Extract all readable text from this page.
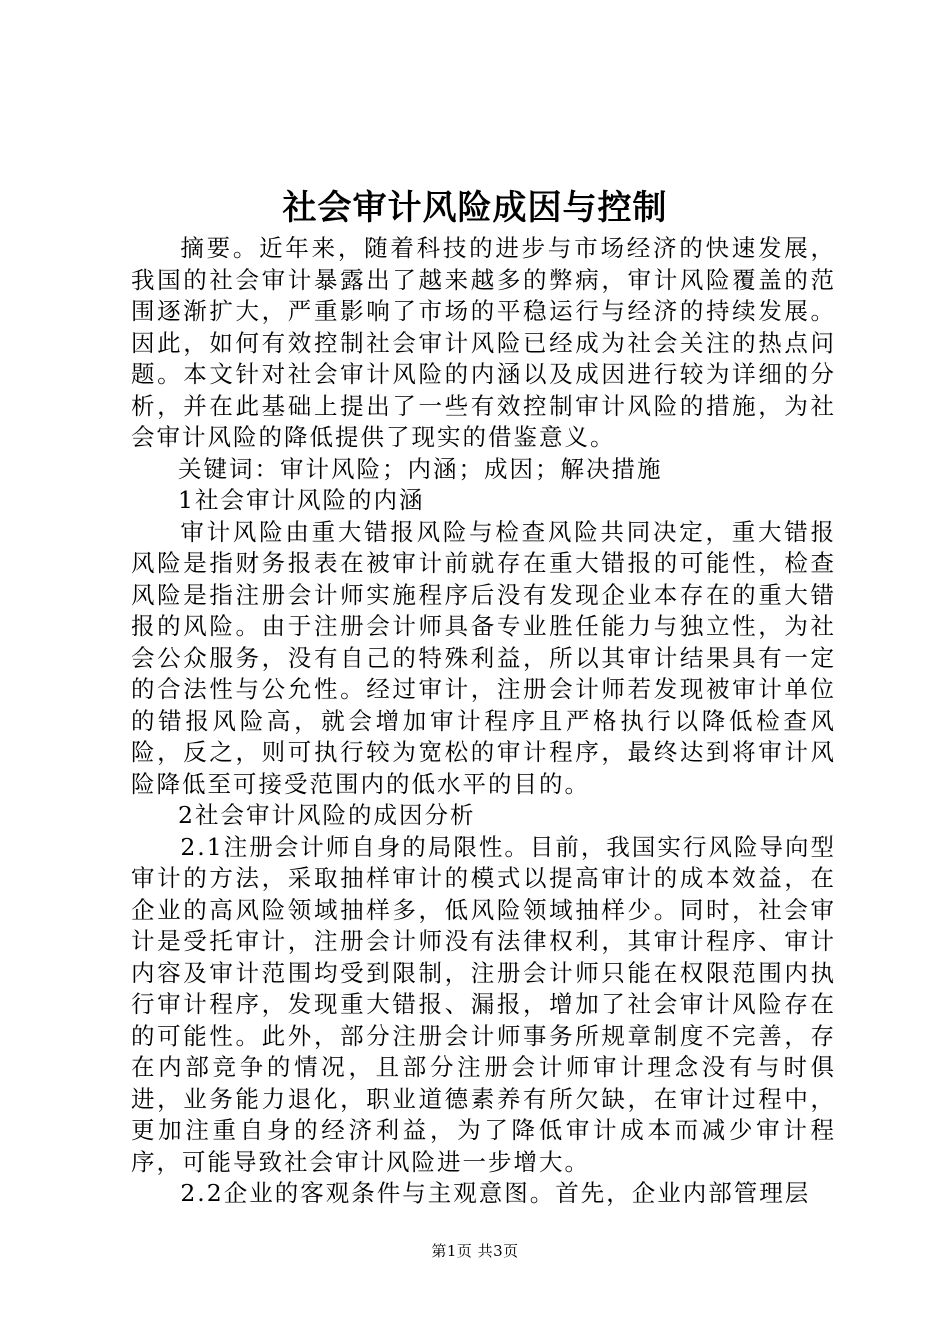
社会审计风险成因与控制

摘要。近年来，随着科技的进步与市场经济的快速发展，我国的社会审计暴露出了越来越多的弊病，审计风险覆盖的范围逐渐扩大，严重影响了市场的平稳运行与经济的持续发展。因此，如何有效控制社会审计风险已经成为社会关注的热点问题。本文针对社会审计风险的内涵以及成因进行较为详细的分析，并在此基础上提出了一些有效控制审计风险的措施，为社会审计风险的降低提供了现实的借鉴意义。

关键词：审计风险；内涵；成因；解决措施

1社会审计风险的内涵

审计风险由重大错报风险与检查风险共同决定，重大错报风险是指财务报表在被审计前就存在重大错报的可能性，检查风险是指注册会计师实施程序后没有发现企业本存在的重大错报的风险。由于注册会计师具备专业胜任能力与独立性，为社会公众服务，没有自己的特殊利益，所以其审计结果具有一定的合法性与公允性。经过审计，注册会计师若发现被审计单位的错报风险高，就会增加审计程序且严格执行以降低检查风险，反之，则可执行较为宽松的审计程序，最终达到将审计风险降低至可接受范围内的低水平的目的。

2社会审计风险的成因分析

2.1注册会计师自身的局限性。目前，我国实行风险导向型审计的方法，采取抽样审计的模式以提高审计的成本效益，在企业的高风险领域抽样多，低风险领域抽样少。同时，社会审计是受托审计，注册会计师没有法律权利，其审计程序、审计内容及审计范围均受到限制，注册会计师只能在权限范围内执行审计程序，发现重大错报、漏报，增加了社会审计风险存在的可能性。此外，部分注册会计师事务所规章制度不完善，存在内部竞争的情况，且部分注册会计师审计理念没有与时俱进，业务能力退化，职业道德素养有所欠缺，在审计过程中，更加注重自身的经济利益，为了降低审计成本而减少审计程序，可能导致社会审计风险进一步增大。

2.2企业的客观条件与主观意图。首先，企业内部管理层

第1页 共3页
